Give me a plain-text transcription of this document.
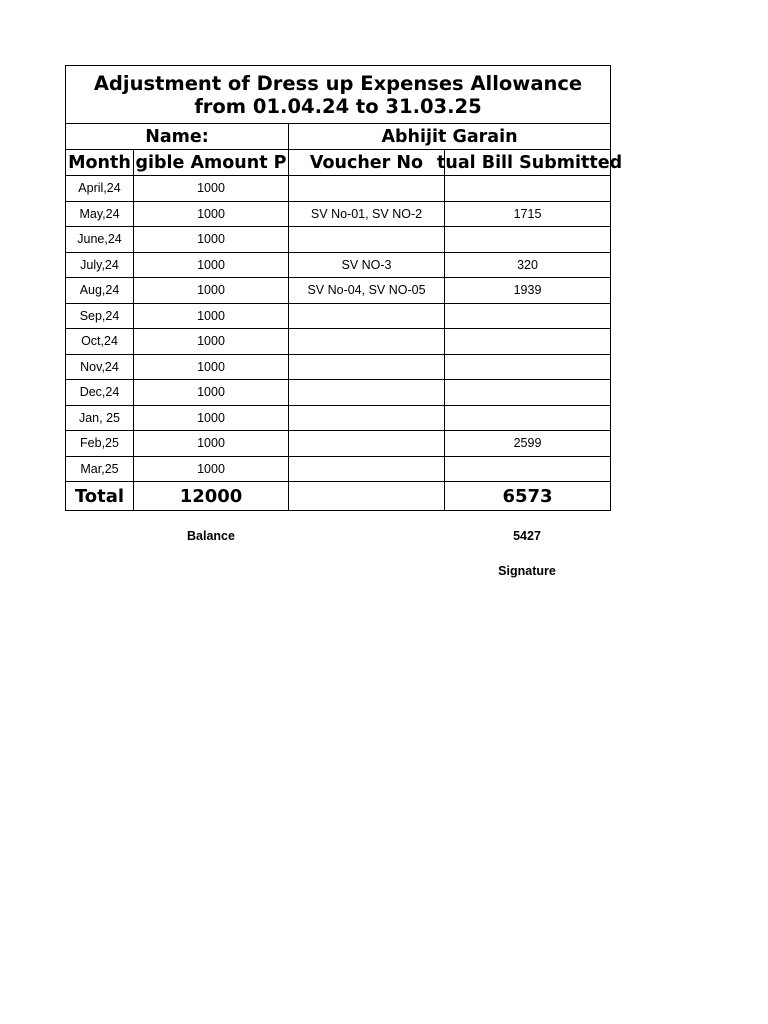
Adjustment of Dress up Expenses Allowance
from 01.04.24 to 31.03.25			

Name:		Abhijit Garain	

Month	gible Amount P	Voucher No	tual Bill Submitted

April,24	1000		
May,24	1000	SV No-01, SV NO-2	1715
June,24	1000		
July,24	1000	SV NO-3	320
Aug,24	1000	SV No-04, SV NO-05	1939
Sep,24	1000		
Oct,24	1000		
Nov,24	1000		
Dec,24	1000		
Jan, 25	1000		
Feb,25	1000		2599
Mar,25	1000		
Total	12000		6573
Balance	5427
Signature
